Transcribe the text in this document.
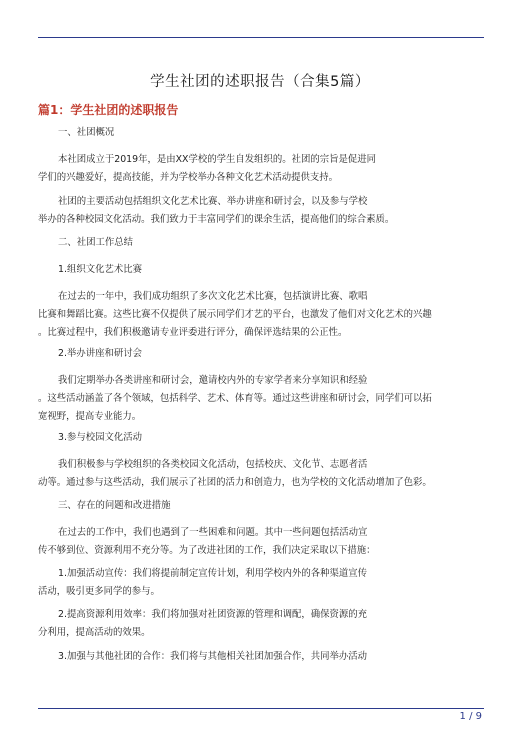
学生社团的述职报告（合集5篇）
篇1：学生社团的述职报告
一、社团概况
本社团成立于2019年，是由XX学校的学生自发组织的。社团的宗旨是促进同
学们的兴趣爱好，提高技能，并为学校举办各种文化艺术活动提供支持。
社团的主要活动包括组织文化艺术比赛、举办讲座和研讨会，以及参与学校
举办的各种校园文化活动。我们致力于丰富同学们的课余生活，提高他们的综合素质。
二、社团工作总结
1.组织文化艺术比赛
在过去的一年中，我们成功组织了多次文化艺术比赛，包括演讲比赛、歌唱
比赛和舞蹈比赛。这些比赛不仅提供了展示同学们才艺的平台，也激发了他们对文化艺术的兴趣
。比赛过程中，我们积极邀请专业评委进行评分，确保评选结果的公正性。
2.举办讲座和研讨会
我们定期举办各类讲座和研讨会，邀请校内外的专家学者来分享知识和经验
。这些活动涵盖了各个领域，包括科学、艺术、体育等。通过这些讲座和研讨会，同学们可以拓
宽视野，提高专业能力。
3.参与校园文化活动
我们积极参与学校组织的各类校园文化活动，包括校庆、文化节、志愿者活
动等。通过参与这些活动，我们展示了社团的活力和创造力，也为学校的文化活动增加了色彩。
三、存在的问题和改进措施
在过去的工作中，我们也遇到了一些困难和问题。其中一些问题包括活动宣
传不够到位、资源利用不充分等。为了改进社团的工作，我们决定采取以下措施：
1.加强活动宣传：我们将提前制定宣传计划，利用学校内外的各种渠道宣传
活动，吸引更多同学的参与。
2.提高资源利用效率：我们将加强对社团资源的管理和调配，确保资源的充
分利用，提高活动的效果。
3.加强与其他社团的合作：我们将与其他相关社团加强合作，共同举办活动
1 / 9
